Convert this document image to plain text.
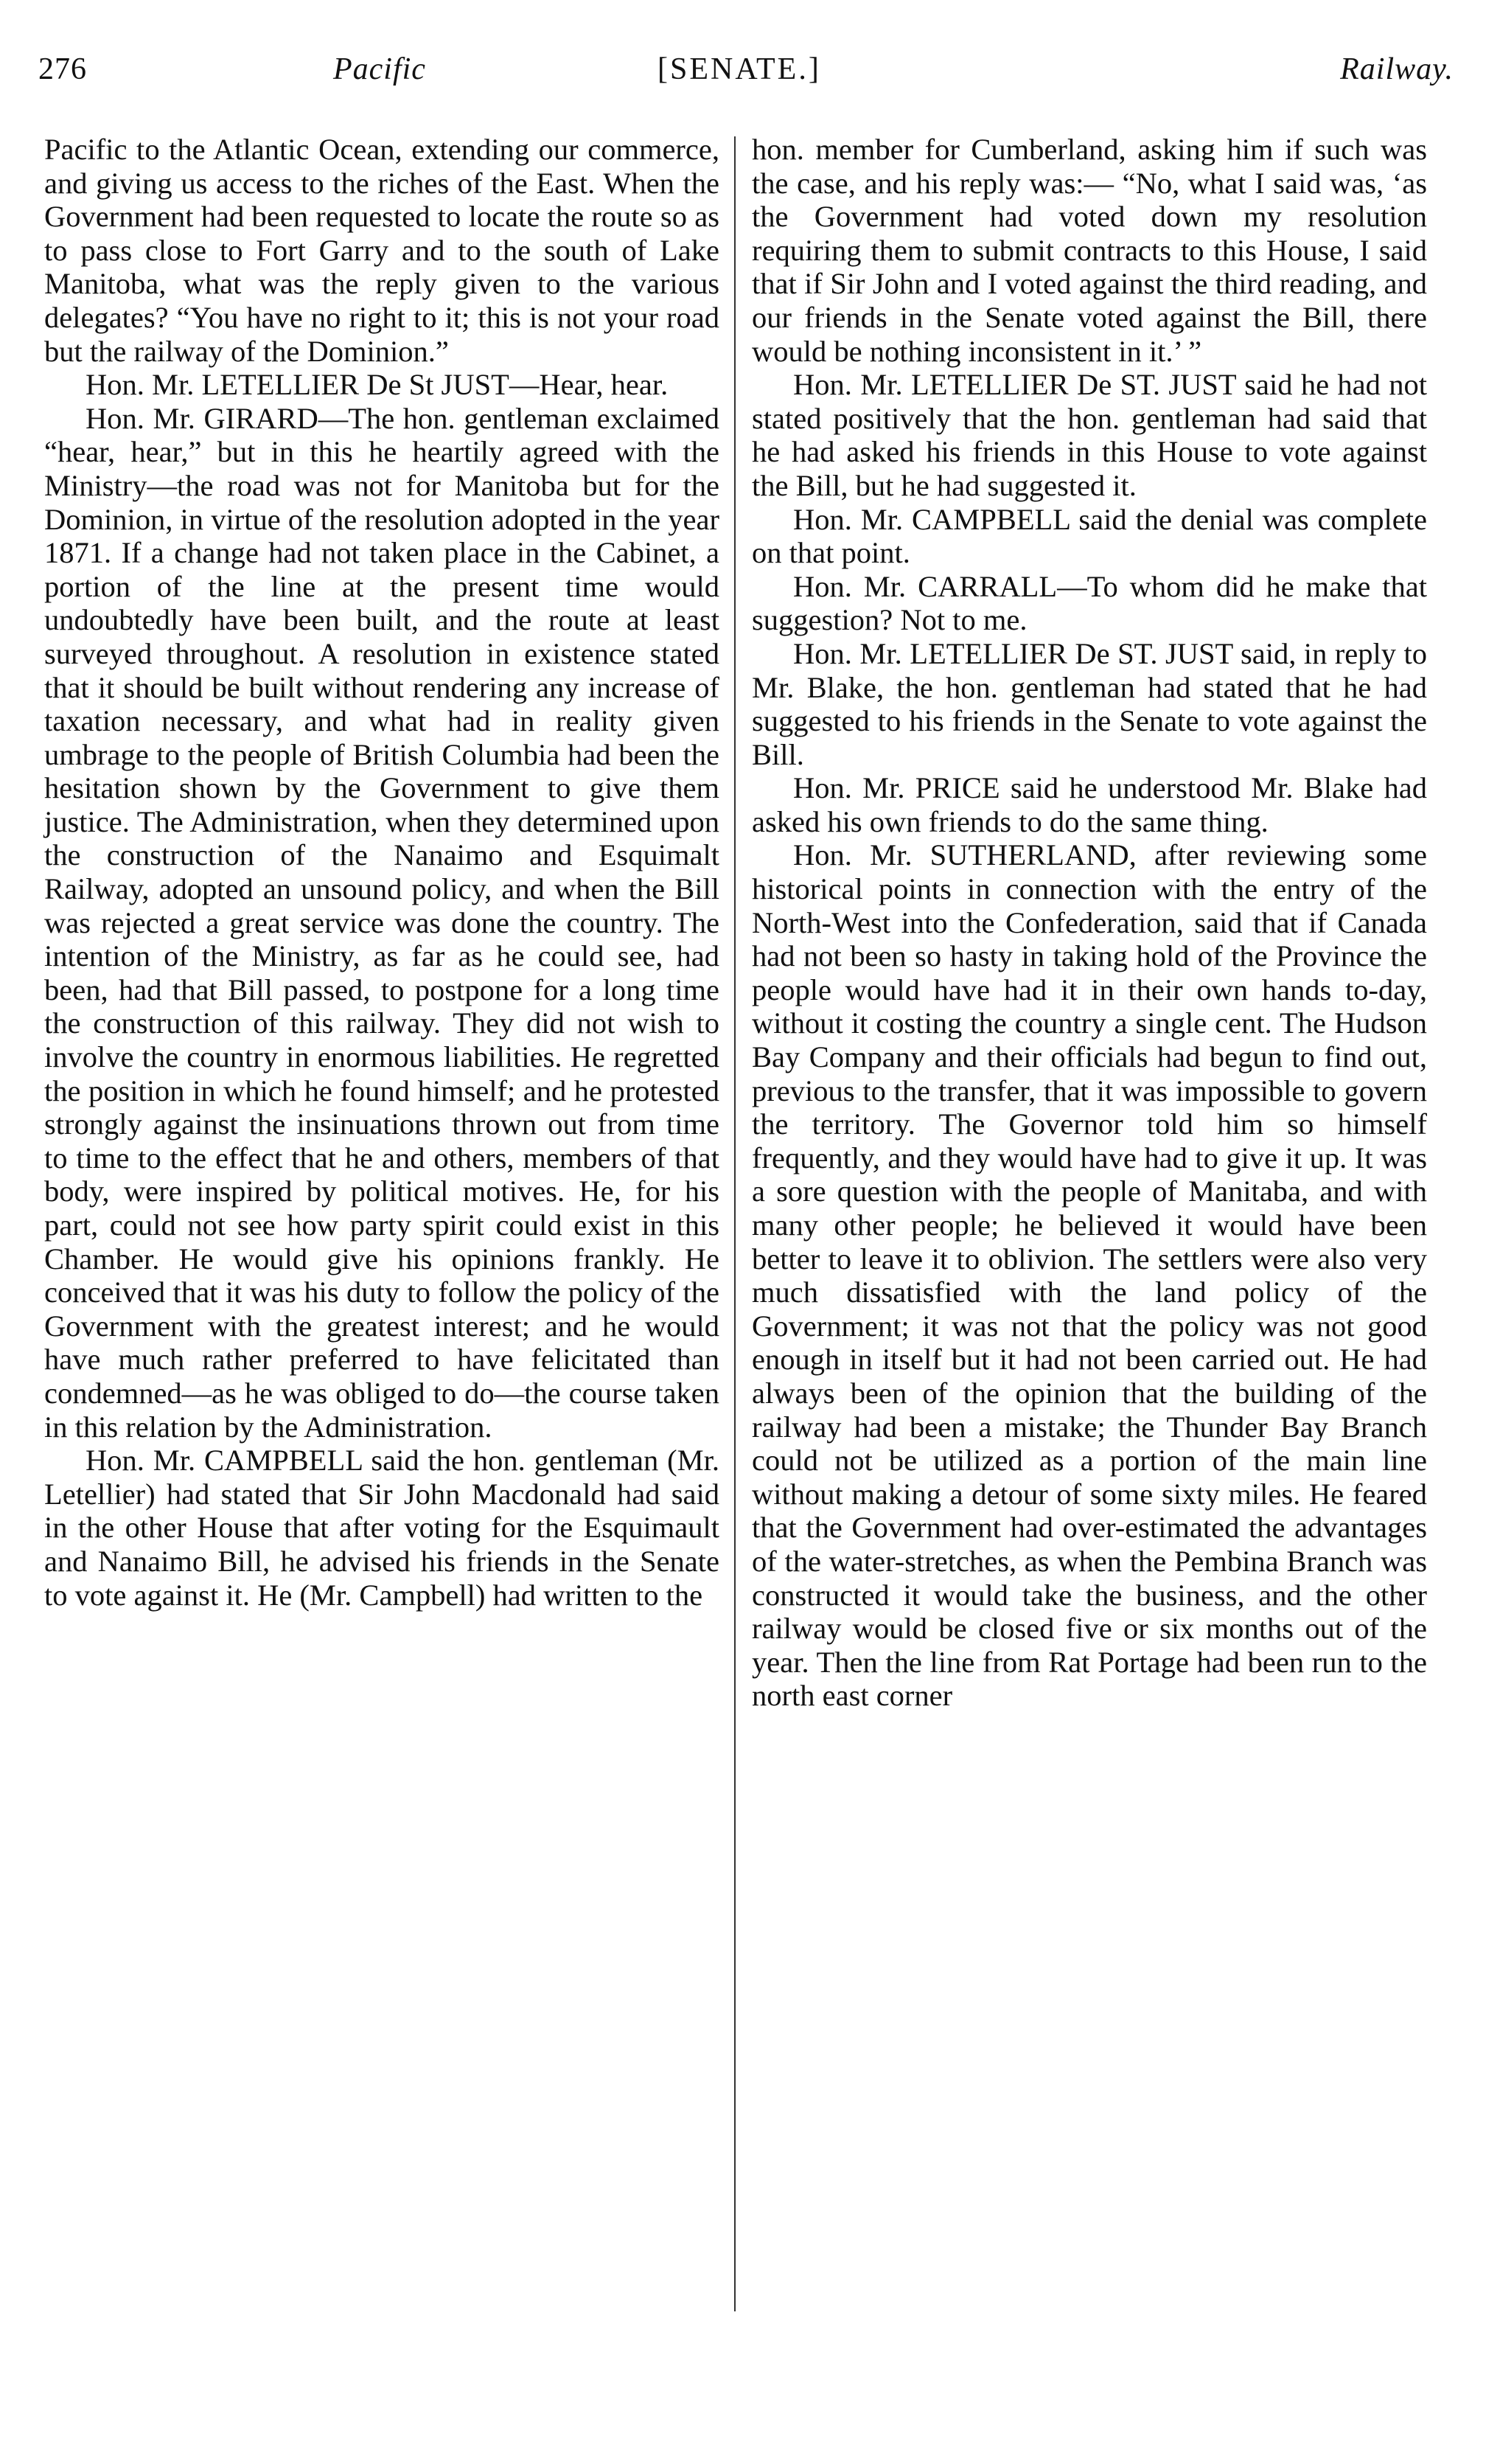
276	Pacific	[SENATE.]	Railway.

Pacific to the Atlantic Ocean, extending our commerce, and giving us access to the riches of the East. When the Government had been requested to locate the route so as to pass close to Fort Garry and to the south of Lake Manitoba, what was the reply given to the various delegates? “You have no right to it; this is not your road but the railway of the Dominion.”

Hon. Mr. LETELLIER De St JUST—Hear, hear.

Hon. Mr. GIRARD—The hon. gentleman exclaimed “hear, hear,” but in this he heartily agreed with the Ministry—the road was not for Manitoba but for the Dominion, in virtue of the resolution adopted in the year 1871. If a change had not taken place in the Cabinet, a portion of the line at the present time would undoubtedly have been built, and the route at least surveyed throughout. A resolution in existence stated that it should be built without rendering any increase of taxation necessary, and what had in reality given umbrage to the people of British Columbia had been the hesitation shown by the Government to give them justice. The Administration, when they determined upon the construction of the Nanaimo and Esquimalt Railway, adopted an unsound policy, and when the Bill was rejected a great service was done the country. The intention of the Ministry, as far as he could see, had been, had that Bill passed, to postpone for a long time the construction of this railway. They did not wish to involve the country in enormous liabilities. He regretted the position in which he found himself; and he protested strongly against the insinuations thrown out from time to time to the effect that he and others, members of that body, were inspired by political motives. He, for his part, could not see how party spirit could exist in this Chamber. He would give his opinions frankly. He conceived that it was his duty to follow the policy of the Government with the greatest interest; and he would have much rather preferred to have felicitated than condemned—as he was obliged to do—the course taken in this relation by the Administration.

Hon. Mr. CAMPBELL said the hon. gentleman (Mr. Letellier) had stated that Sir John Macdonald had said in the other House that after voting for the Esquimault and Nanaimo Bill, he advised his friends in the Senate to vote against it. He (Mr. Campbell) had written to the

hon. member for Cumberland, asking him if such was the case, and his reply was:— “No, what I said was, ‘as the Government had voted down my resolution requiring them to submit contracts to this House, I said that if Sir John and I voted against the third reading, and our friends in the Senate voted against the Bill, there would be nothing inconsistent in it.’ ”

Hon. Mr. LETELLIER De ST. JUST said he had not stated positively that the hon. gentleman had said that he had asked his friends in this House to vote against the Bill, but he had suggested it.

Hon. Mr. CAMPBELL said the denial was complete on that point.

Hon. Mr. CARRALL—To whom did he make that suggestion? Not to me.

Hon. Mr. LETELLIER De ST. JUST said, in reply to Mr. Blake, the hon. gentleman had stated that he had suggested to his friends in the Senate to vote against the Bill.

Hon. Mr. PRICE said he understood Mr. Blake had asked his own friends to do the same thing.

Hon. Mr. SUTHERLAND, after reviewing some historical points in connection with the entry of the North-West into the Confederation, said that if Canada had not been so hasty in taking hold of the Province the people would have had it in their own hands to-day, without it costing the country a single cent. The Hudson Bay Company and their officials had begun to find out, previous to the transfer, that it was impossible to govern the territory. The Governor told him so himself frequently, and they would have had to give it up. It was a sore question with the people of Manitaba, and with many other people; he believed it would have been better to leave it to oblivion. The settlers were also very much dissatisfied with the land policy of the Government; it was not that the policy was not good enough in itself but it had not been carried out. He had always been of the opinion that the building of the railway had been a mistake; the Thunder Bay Branch could not be utilized as a portion of the main line without making a detour of some sixty miles. He feared that the Government had over-estimated the advantages of the water-stretches, as when the Pembina Branch was constructed it would take the business, and the other railway would be closed five or six months out of the year. Then the line from Rat Portage had been run to the north east corner
